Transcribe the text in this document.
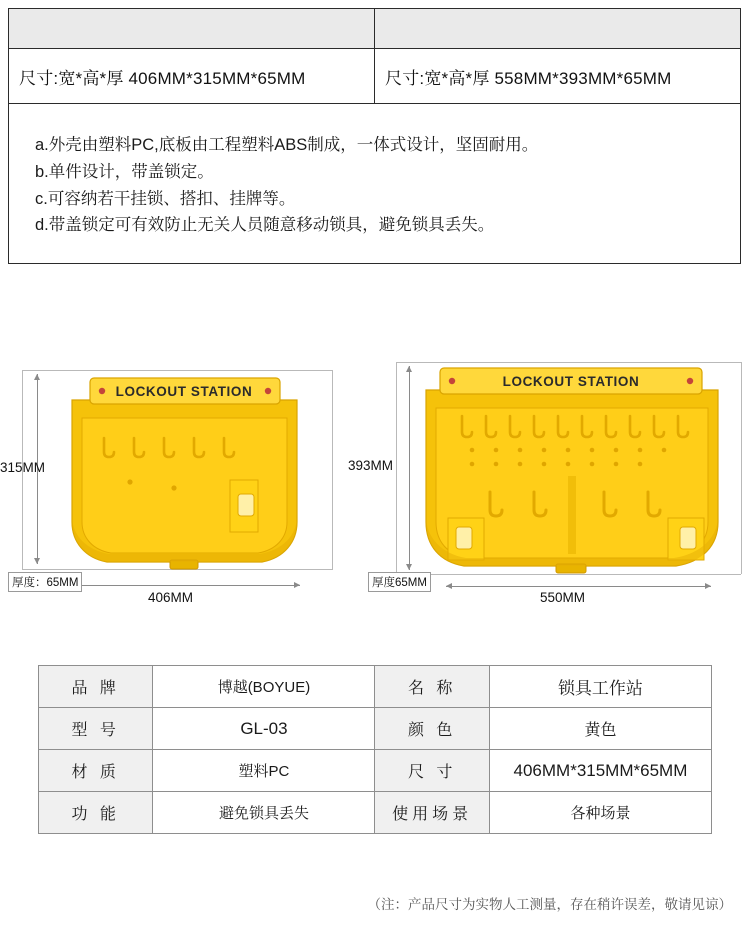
尺寸:宽*高*厚 406MM*315MM*65MM	尺寸:宽*高*厚 558MM*393MM*65MM

a.外壳由塑料PC,底板由工程塑料ABS制成，一体式设计，坚固耐用。
b.单件设计，带盖锁定。
c.可容纳若干挂锁、搭扣、挂牌等。
d.带盖锁定可有效防止无关人员随意移动锁具，避免锁具丢失。	
315MM
406MM
厚度：65MM
LOCKOUT STATION
393MM
550MM
厚度65MM
LOCKOUT STATION
品 牌	博越(BOYUE)	名 称	锁具工作站
型 号	GL-03	颜 色	黄色
材 质	塑料PC	尺 寸	406MM*315MM*65MM
功 能	避免锁具丢失	使用场景	各种场景
（注：产品尺寸为实物人工测量，存在稍许误差，敬请见谅）
